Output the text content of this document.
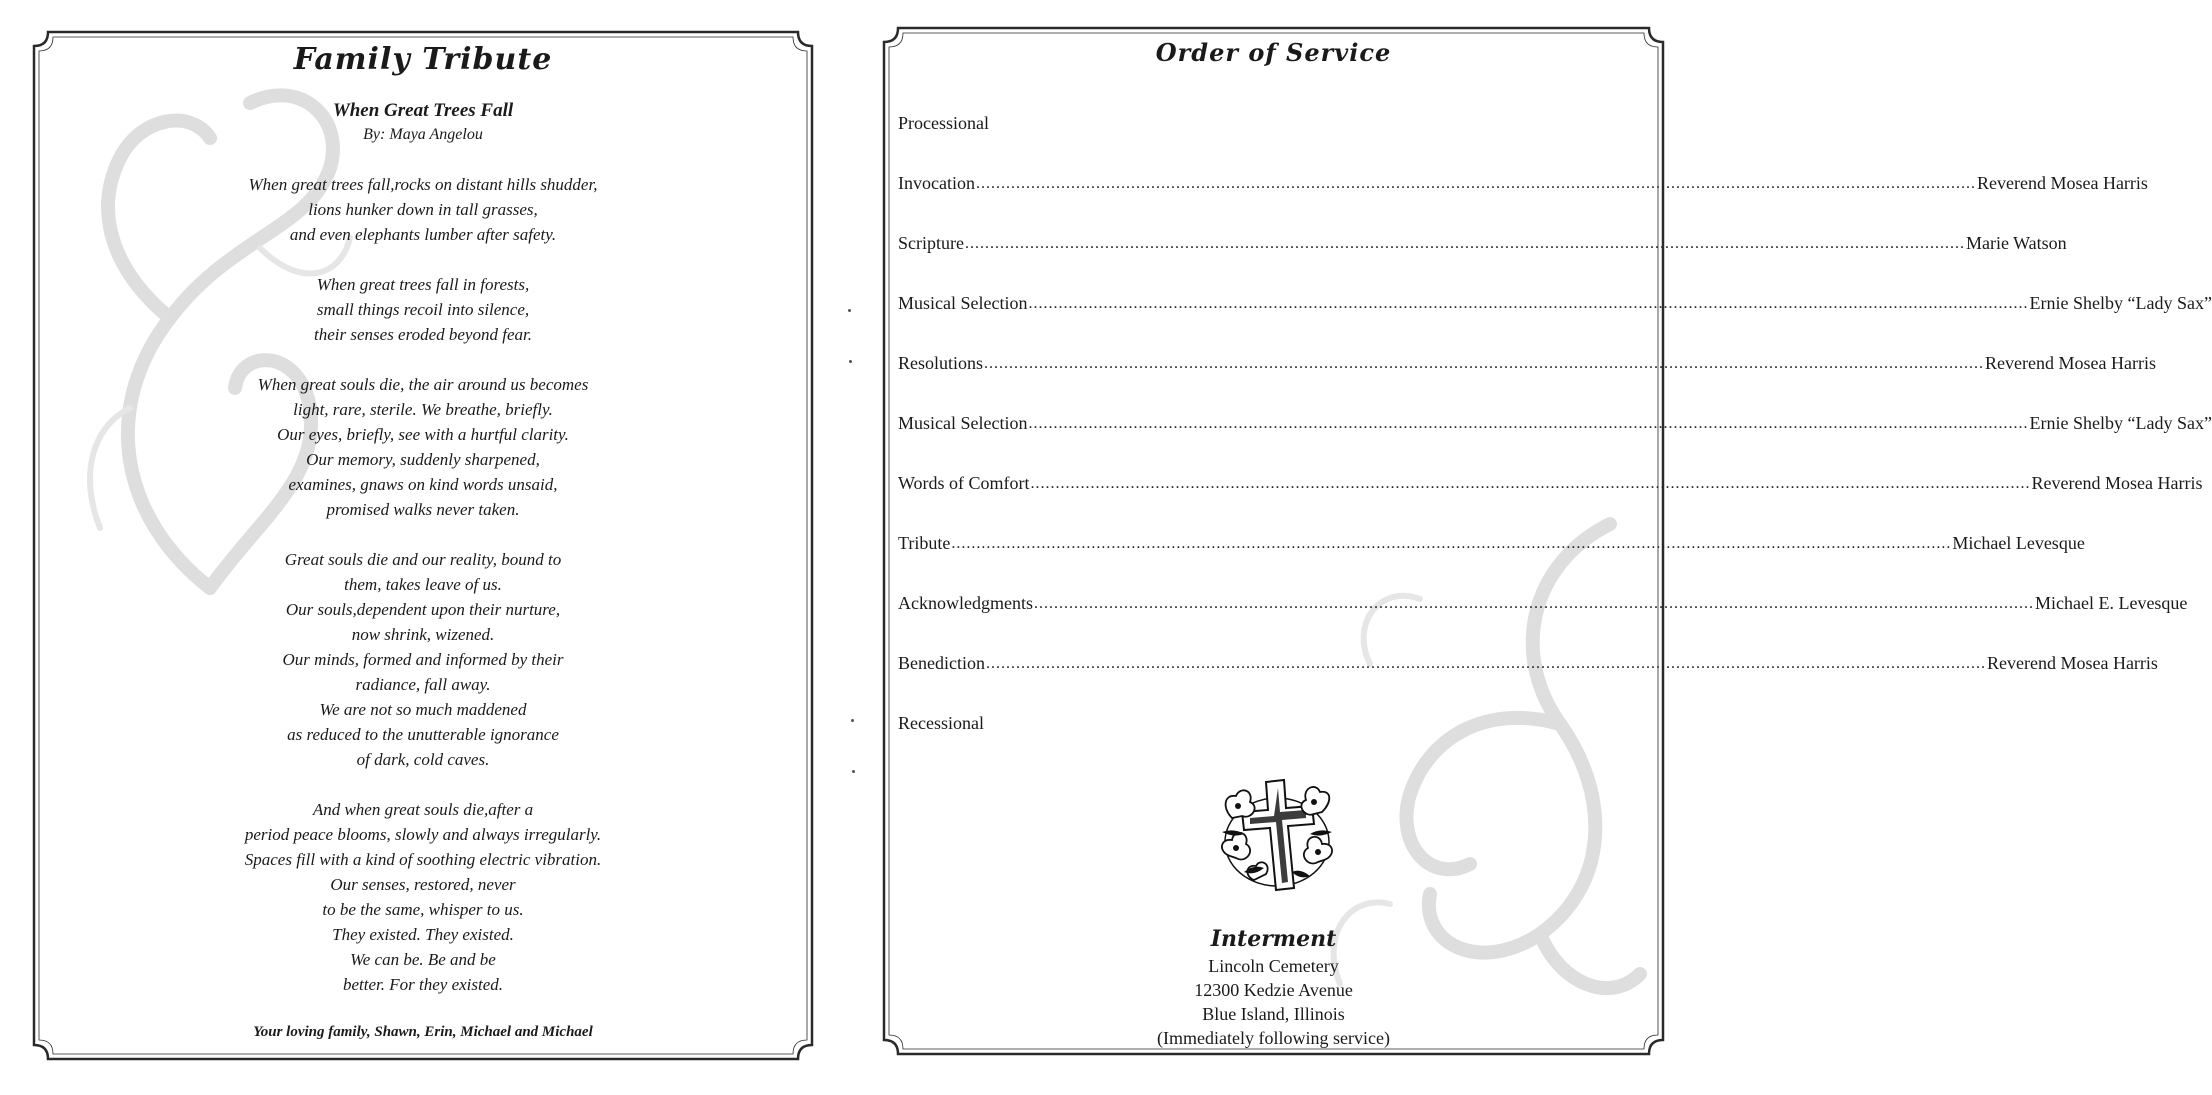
Family Tribute
When Great Trees Fall
By: Maya Angelou
When great trees fall,rocks on distant hills shudder,
lions hunker down in tall grasses,
and even elephants lumber after safety.
When great trees fall in forests,
small things recoil into silence,
their senses eroded beyond fear.
When great souls die, the air around us becomes
light, rare, sterile. We breathe, briefly.
Our eyes, briefly, see with a hurtful clarity.
Our memory, suddenly sharpened,
examines, gnaws on kind words unsaid,
promised walks never taken.
Great souls die and our reality, bound to
them, takes leave of us.
Our souls,dependent upon their nurture,
now shrink, wizened.
Our minds, formed and informed by their
radiance, fall away.
We are not so much maddened
as reduced to the unutterable ignorance
of dark, cold caves.
And when great souls die,after a
period peace blooms, slowly and always irregularly.
Spaces fill with a kind of soothing electric vibration.
Our senses, restored, never
to be the same, whisper to us.
They existed. They existed.
We can be. Be and be
better. For they existed.
Your loving family, Shawn, Erin, Michael and Michael
Order of Service
Processional
Invocation ........................................................................................................................................................................................................ Reverend Mosea Harris
Scripture ........................................................................................................................................................................................................ Marie Watson
Musical Selection ........................................................................................................................................................................................................ Ernie Shelby “Lady Sax”
Resolutions ........................................................................................................................................................................................................ Reverend Mosea Harris
Musical Selection ........................................................................................................................................................................................................ Ernie Shelby “Lady Sax”
Words of Comfort ........................................................................................................................................................................................................ Reverend Mosea Harris
Tribute ........................................................................................................................................................................................................ Michael Levesque
Acknowledgments ........................................................................................................................................................................................................ Michael E. Levesque
Benediction ........................................................................................................................................................................................................ Reverend Mosea Harris
Recessional
Interment
Lincoln Cemetery
12300 Kedzie Avenue
Blue Island, Illinois
(Immediately following service)
